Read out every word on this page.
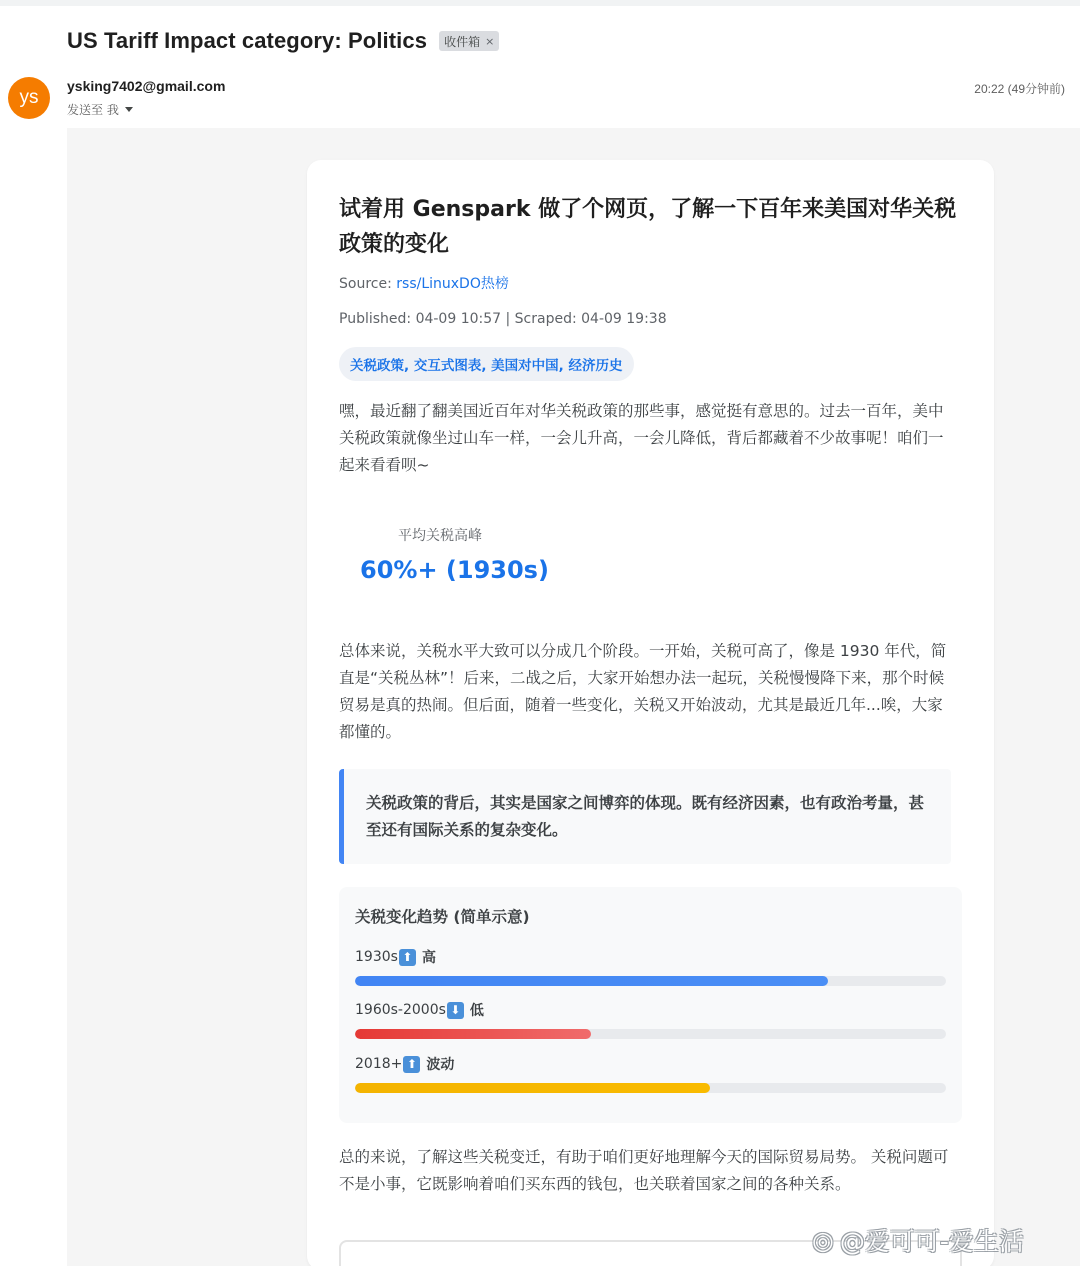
US Tariff Impact category: Politics 收件箱 ×
ys
ysking7402@gmail.com
发送至 我
20:22 (49分钟前)
试着用 Genspark 做了个网页，了解一下百年来美国对华关税政策的变化
Source: rss/LinuxDO热榜
Published: 04-09 10:57 | Scraped: 04-09 19:38
关税政策, 交互式图表, 美国对中国, 经济历史

嘿，最近翻了翻美国近百年对华关税政策的那些事，感觉挺有意思的。过去一百年，美中关税政策就像坐过山车一样，一会儿升高，一会儿降低，背后都藏着不少故事呢！咱们一起来看看呗~

平均关税高峰
60%+ (1930s)

总体来说，关税水平大致可以分成几个阶段。一开始，关税可高了，像是 1930 年代，简直是“关税丛林”！后来，二战之后，大家开始想办法一起玩，关税慢慢降下来，那个时候贸易是真的热闹。但后面，随着一些变化，关税又开始波动，尤其是最近几年...唉，大家都懂的。

关税政策的背后，其实是国家之间博弈的体现。既有经济因素，也有政治考量，甚至还有国际关系的复杂变化。
关税变化趋势 (简单示意)
1930s ⬆ 高
1960s-2000s ⬇ 低
2018+ ⬆ 波动

总的来说，了解这些关税变迁，有助于咱们更好地理解今天的国际贸易局势。 关税问题可不是小事，它既影响着咱们买东西的钱包，也关联着国家之间的各种关系。

◎ @爱可可-爱生活
